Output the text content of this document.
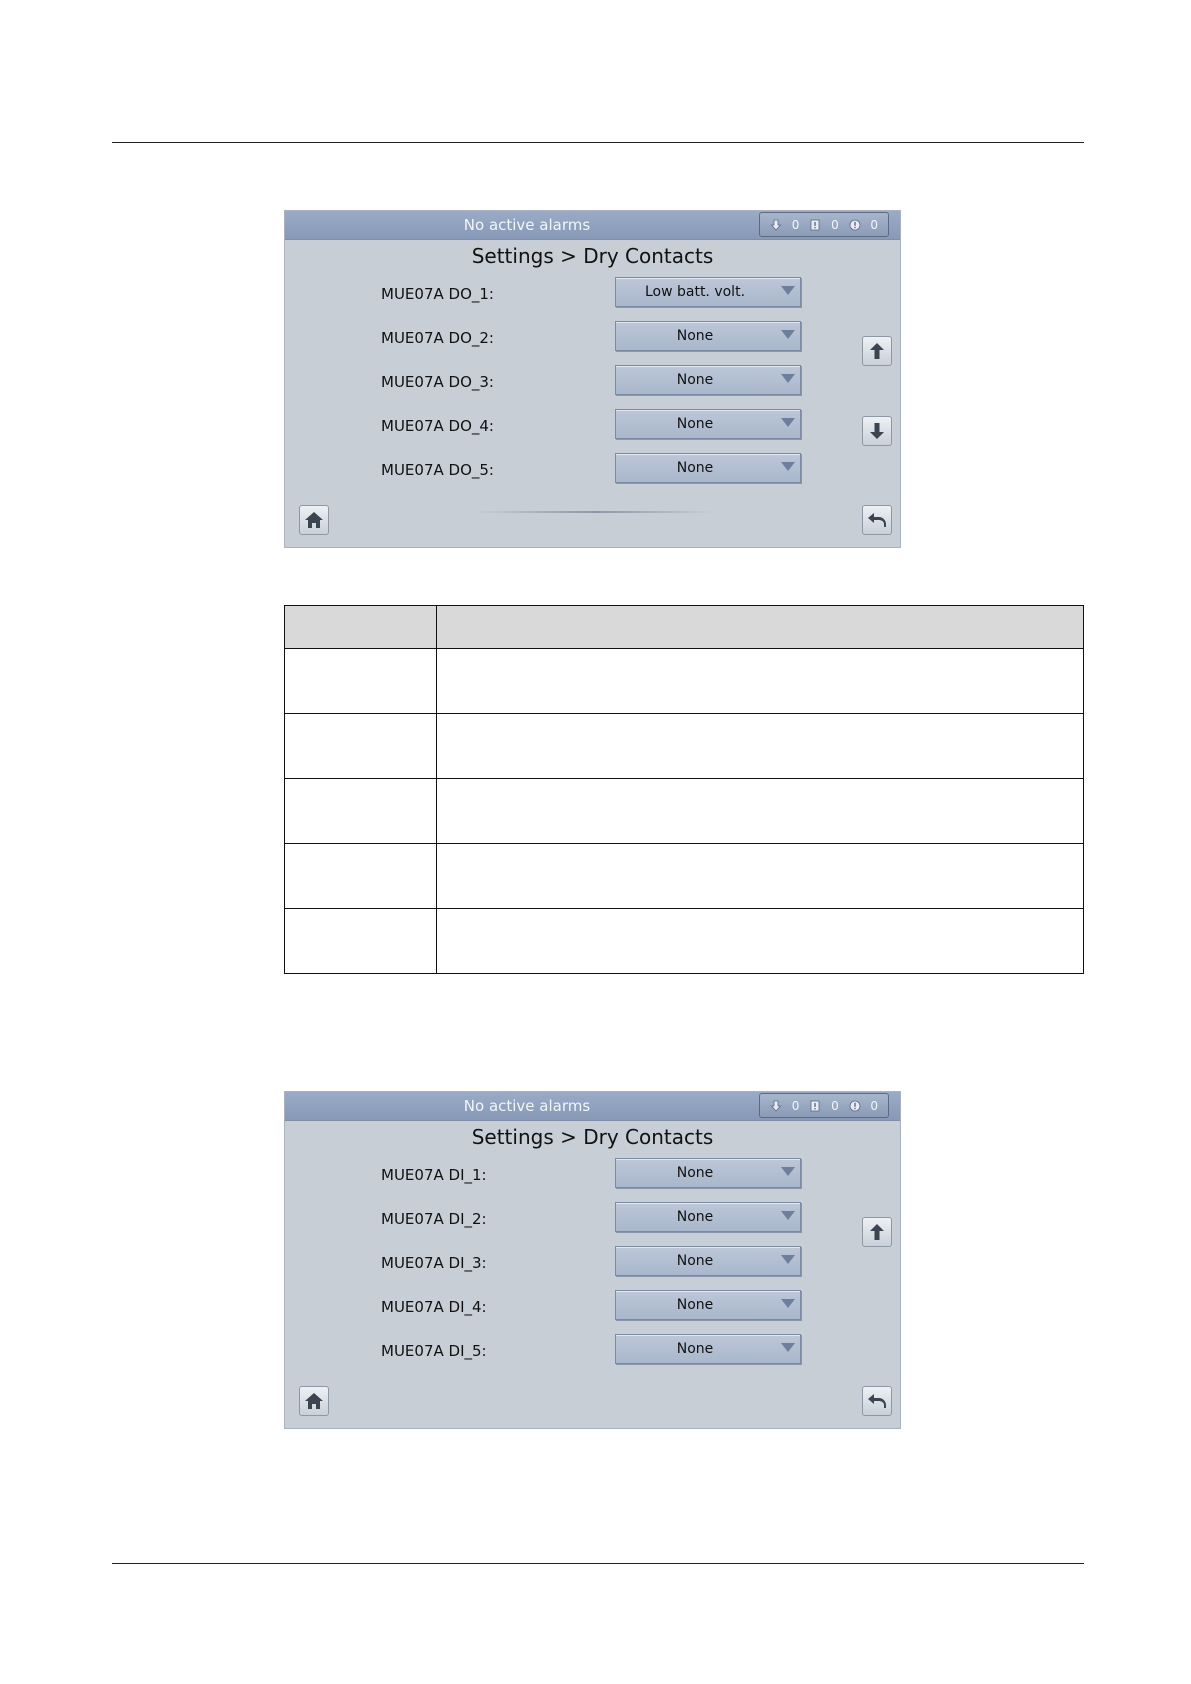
No active alarms	0	0	0
Settings > Dry Contacts
MUE07A DO_1:	Low batt. volt.
MUE07A DO_2:	None
MUE07A DO_3:	None
MUE07A DO_4:	None
MUE07A DO_5:	None

No active alarms	0	0	0
Settings > Dry Contacts
MUE07A DI_1:	None
MUE07A DI_2:	None
MUE07A DI_3:	None
MUE07A DI_4:	None
MUE07A DI_5:	None
